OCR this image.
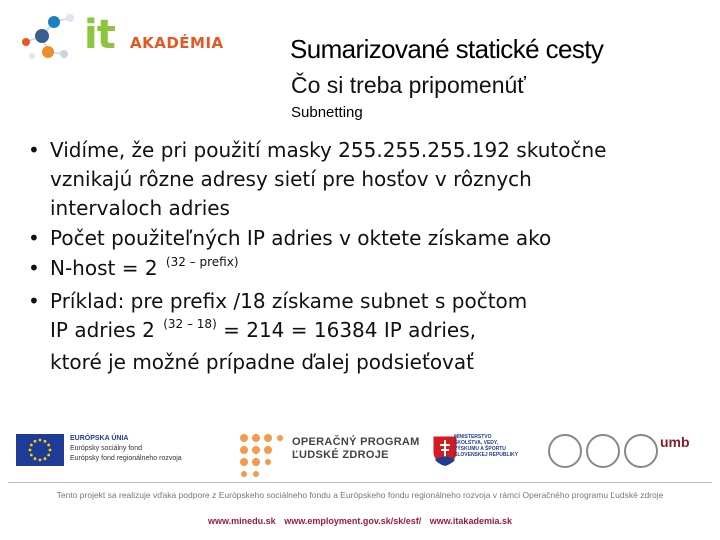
it AKADÉMIA	Sumarizované statické cesty
Čo si treba pripomenúť
Subnetting
• Vidíme, že pri použití masky 255.255.255.192 skutočne
vznikajú rôzne adresy sietí pre hosťov v rôznych
intervaloch adries
• Počet použiteľných IP adries v oktete získame ako
• N-host = 2 $^{(32 - prefix)}$
• Príklad: pre prefix /18 získame subnet s počtom
IP adries 2 $^{(32 - 18)}$ = 214 = 16384 IP adries,
ktoré je možné prípadne ďalej podsieťovať
EURÓPSKA ÚNIA
Európsky sociálny fond
Európsky fond regionálneho rozvoja
OPERAČNÝ PROGRAM
ĽUDSKÉ ZDROJE
MINISTERSTVO
ŠKOLSTVA, VEDY,
VÝSKUMU A ŠPORTU
SLOVENSKEJ REPUBLIKY
umb
Tento projekt sa realizuje vďaka podpore z Európskeho sociálneho fondu a Európskeho fondu regionálneho rozvoja v rámci Operačného programu Ľudské zdroje
www.minedu.sk www.employment.gov.sk/sk/esf/ www.itakademia.sk
